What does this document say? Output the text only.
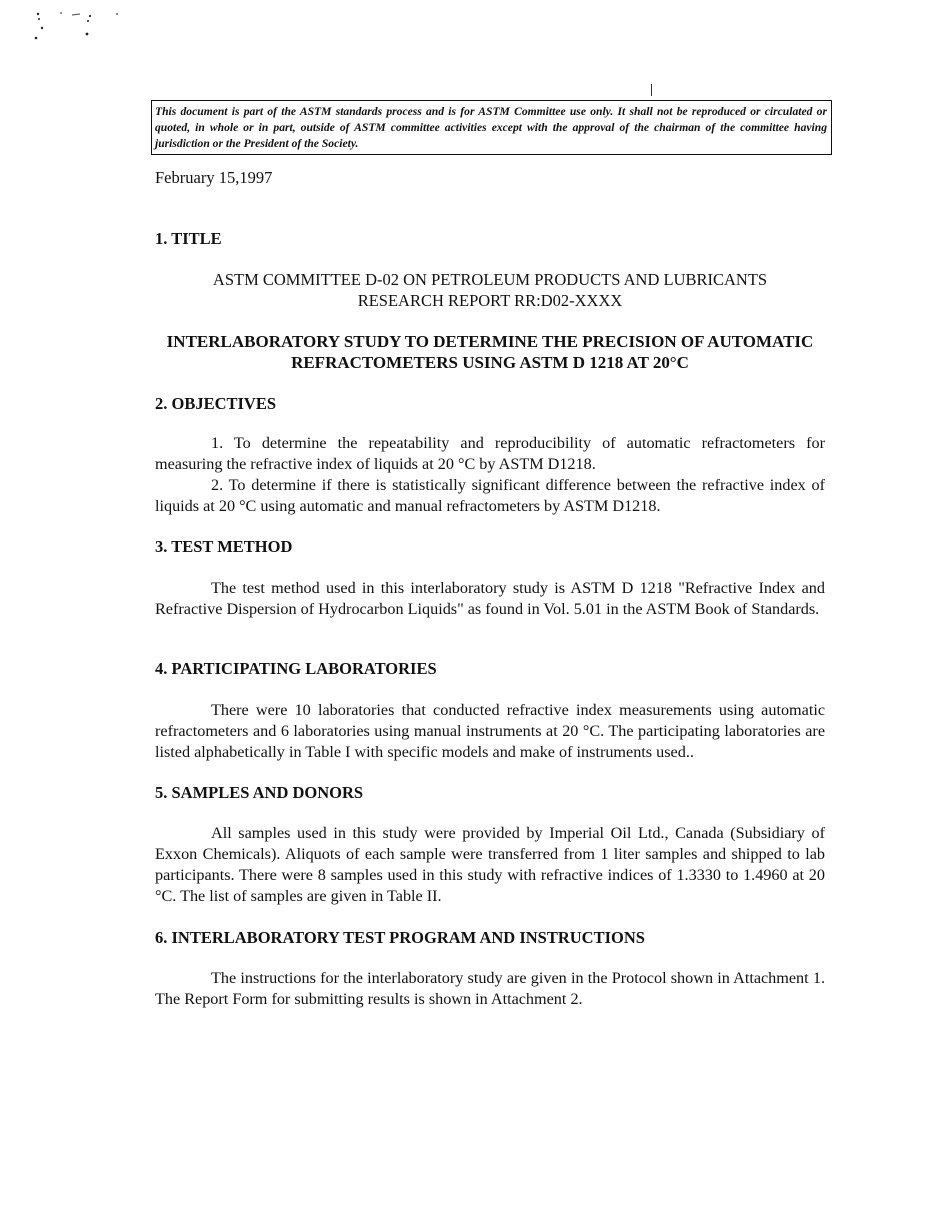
This document is part of the ASTM standards process and is for ASTM Committee use only. It shall not be reproduced or circulated or quoted, in whole or in part, outside of ASTM committee activities except with the approval of the chairman of the committee having jurisdiction or the President of the Society.
February 15,1997
1. TITLE
ASTM COMMITTEE D-02 ON PETROLEUM PRODUCTS AND LUBRICANTS
RESEARCH REPORT RR:D02-XXXX
INTERLABORATORY STUDY TO DETERMINE THE PRECISION OF AUTOMATIC
REFRACTOMETERS USING ASTM D 1218 AT 20°C
2. OBJECTIVES

1. To determine the repeatability and reproducibility of automatic refractometers for measuring the refractive index of liquids at 20 °C by ASTM D1218.

2. To determine if there is statistically significant difference between the refractive index of liquids at 20 °C using automatic and manual refractometers by ASTM D1218.

3. TEST METHOD

The test method used in this interlaboratory study is ASTM D 1218 "Refractive Index and Refractive Dispersion of Hydrocarbon Liquids" as found in Vol. 5.01 in the ASTM Book of Standards.

4. PARTICIPATING LABORATORIES

There were 10 laboratories that conducted refractive index measurements using automatic refractometers and 6 laboratories using manual instruments at 20 °C. The participating laboratories are listed alphabetically in Table I with specific models and make of instruments used..

5. SAMPLES AND DONORS

All samples used in this study were provided by Imperial Oil Ltd., Canada (Subsidiary of Exxon Chemicals). Aliquots of each sample were transferred from 1 liter samples and shipped to lab participants. There were 8 samples used in this study with refractive indices of 1.3330 to 1.4960 at 20 °C. The list of samples are given in Table II.

6. INTERLABORATORY TEST PROGRAM AND INSTRUCTIONS

The instructions for the interlaboratory study are given in the Protocol shown in Attachment 1. The Report Form for submitting results is shown in Attachment 2.
